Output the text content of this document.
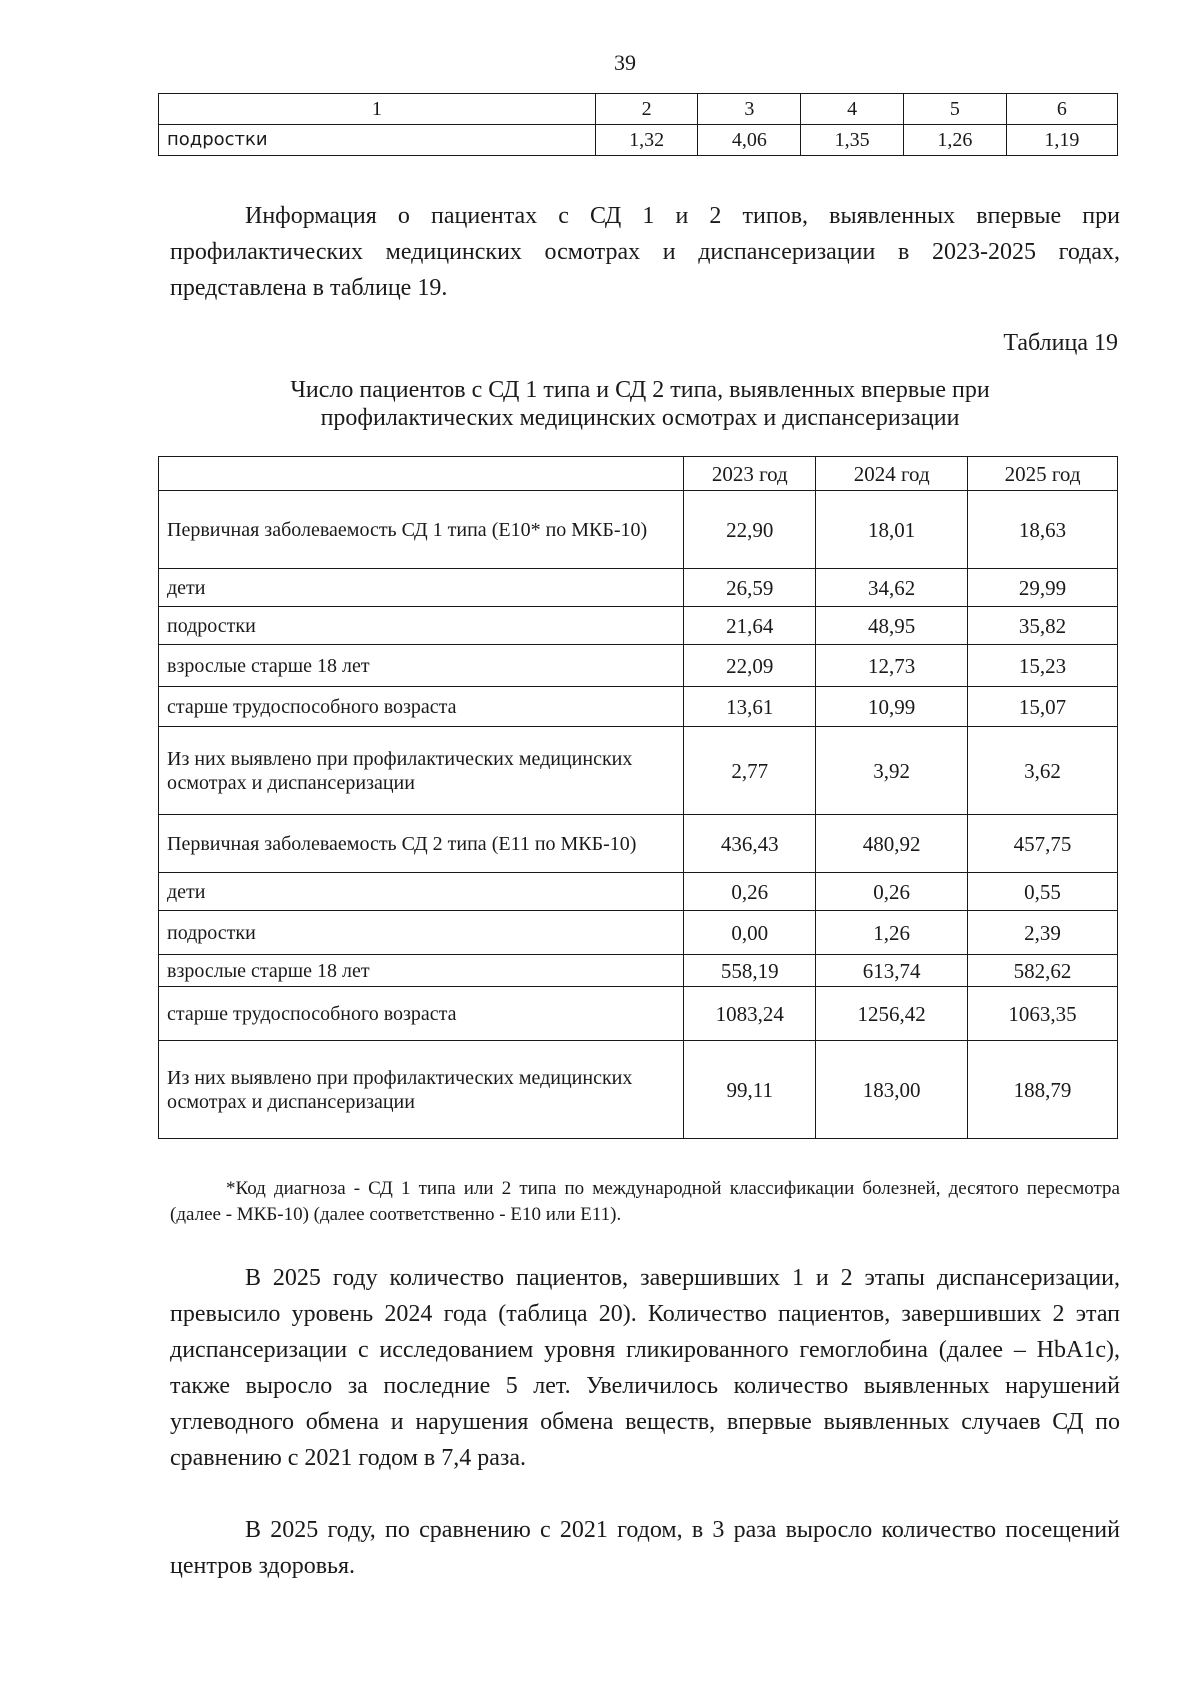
39
1	2	3	4	5	6
подростки	1,32	4,06	1,35	1,26	1,19

Информация о пациентах с СД 1 и 2 типов, выявленных впервые при профилактических медицинских осмотрах и диспансеризации в 2023-2025 годах, представлена в таблице 19.

Таблица 19
Число пациентов с СД 1 типа и СД 2 типа, выявленных впервые при профилактических медицинских осмотрах и диспансеризации
	2023 год	2024 год	2025 год
Первичная заболеваемость СД 1 типа (Е10* по МКБ-10)	22,90	18,01	18,63
дети	26,59	34,62	29,99
подростки	21,64	48,95	35,82
взрослые старше 18 лет	22,09	12,73	15,23
старше трудоспособного возраста	13,61	10,99	15,07
Из них выявлено при профилактических медицинских осмотрах и диспансеризации	2,77	3,92	3,62
Первичная заболеваемость СД 2 типа (Е11 по МКБ-10)	436,43	480,92	457,75
дети	0,26	0,26	0,55
подростки	0,00	1,26	2,39
взрослые старше 18 лет	558,19	613,74	582,62
старше трудоспособного возраста	1083,24	1256,42	1063,35
Из них выявлено при профилактических медицинских осмотрах и диспансеризации	99,11	183,00	188,79

*Код диагноза - СД 1 типа или 2 типа по международной классификации болезней, десятого пересмотра (далее - МКБ-10) (далее соответственно - Е10 или Е11).

В 2025 году количество пациентов, завершивших 1 и 2 этапы диспансеризации, превысило уровень 2024 года (таблица 20). Количество пациентов, завершивших 2 этап диспансеризации с исследованием уровня гликированного гемоглобина (далее – HbA1c), также выросло за последние 5 лет. Увеличилось количество выявленных нарушений углеводного обмена и нарушения обмена веществ, впервые выявленных случаев СД по сравнению с 2021 годом в 7,4 раза.

В 2025 году, по сравнению с 2021 годом, в 3 раза выросло количество посещений центров здоровья.
